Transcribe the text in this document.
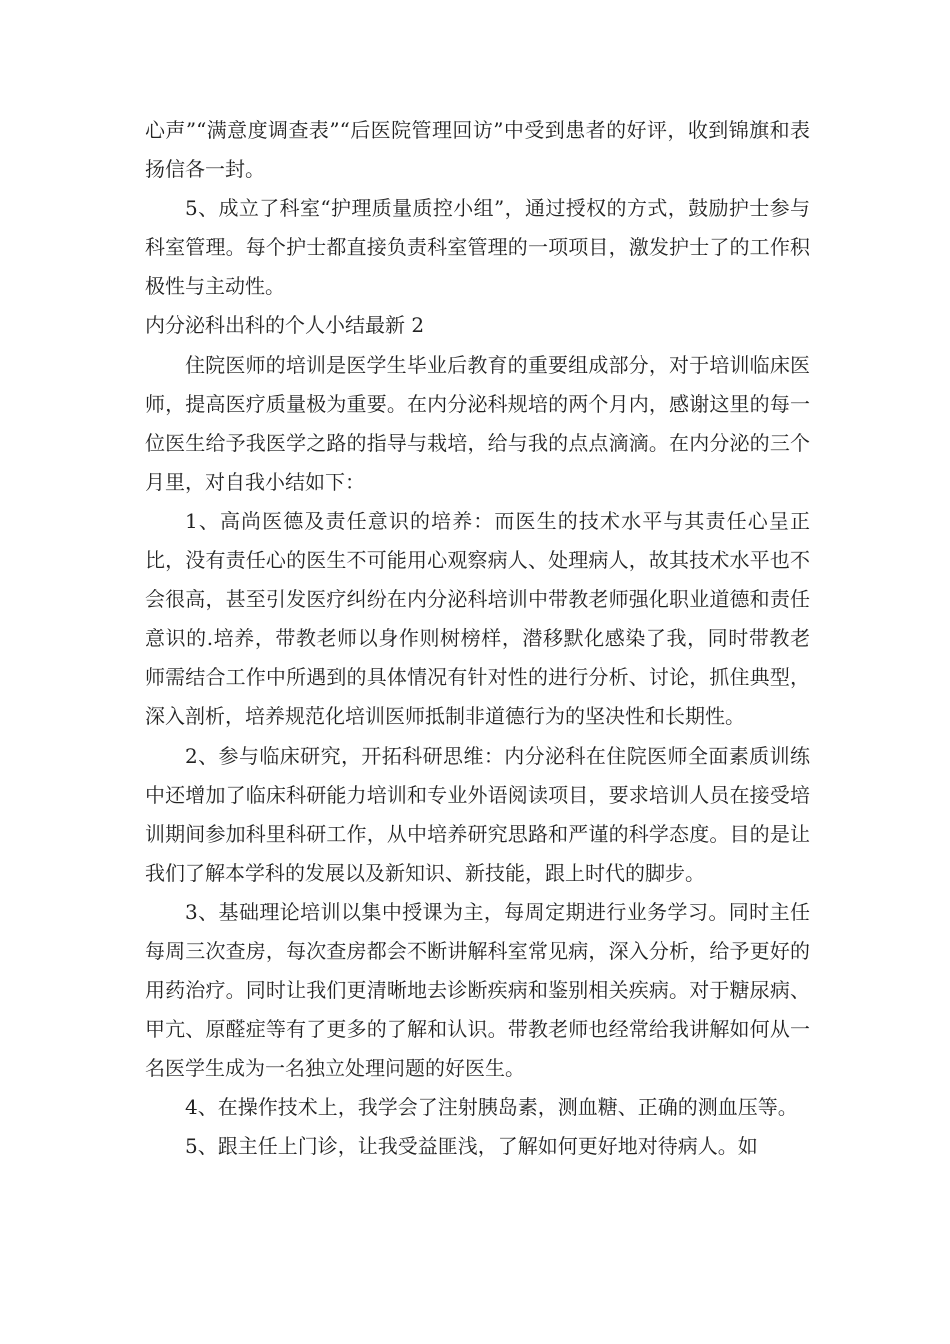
心声”“满意度调查表”“后医院管理回访”中受到患者的好评，收到锦旗和表扬信各一封。

5、成立了科室“护理质量质控小组”，通过授权的方式，鼓励护士参与科室管理。每个护士都直接负责科室管理的一项项目，激发护士了的工作积极性与主动性。

内分泌科出科的个人小结最新 2

住院医师的培训是医学生毕业后教育的重要组成部分，对于培训临床医师，提高医疗质量极为重要。在内分泌科规培的两个月内，感谢这里的每一位医生给予我医学之路的指导与栽培，给与我的点点滴滴。在内分泌的三个月里，对自我小结如下：

1、高尚医德及责任意识的培养：而医生的技术水平与其责任心呈正比，没有责任心的医生不可能用心观察病人、处理病人，故其技术水平也不会很高，甚至引发医疗纠纷在内分泌科培训中带教老师强化职业道德和责任意识的.培养，带教老师以身作则树榜样，潜移默化感染了我，同时带教老师需结合工作中所遇到的具体情况有针对性的进行分析、讨论，抓住典型，深入剖析，培养规范化培训医师抵制非道德行为的坚决性和长期性。

2、参与临床研究，开拓科研思维：内分泌科在住院医师全面素质训练中还增加了临床科研能力培训和专业外语阅读项目，要求培训人员在接受培训期间参加科里科研工作，从中培养研究思路和严谨的科学态度。目的是让我们了解本学科的发展以及新知识、新技能，跟上时代的脚步。

3、基础理论培训以集中授课为主，每周定期进行业务学习。同时主任每周三次查房，每次查房都会不断讲解科室常见病，深入分析，给予更好的用药治疗。同时让我们更清晰地去诊断疾病和鉴别相关疾病。对于糖尿病、甲亢、原醛症等有了更多的了解和认识。带教老师也经常给我讲解如何从一名医学生成为一名独立处理问题的好医生。

4、在操作技术上，我学会了注射胰岛素，测血糖、正确的测血压等。

5、跟主任上门诊，让我受益匪浅，了解如何更好地对待病人。如
